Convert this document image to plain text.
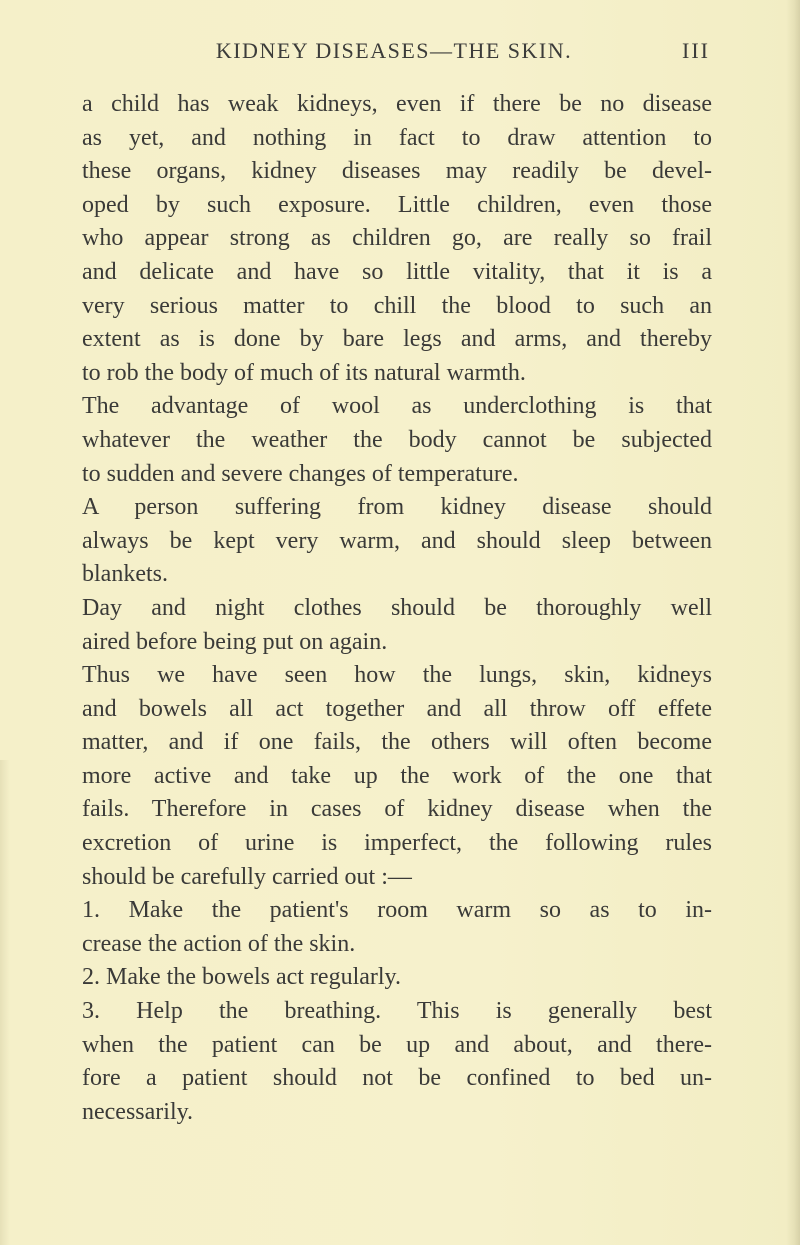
KIDNEY DISEASES—THE SKIN.	III
a child has weak kidneys, even if there be no disease
as yet, and nothing in fact to draw attention to
these organs, kidney diseases may readily be devel-
oped by such exposure. Little children, even those
who appear strong as children go, are really so frail
and delicate and have so little vitality, that it is a
very serious matter to chill the blood to such an
extent as is done by bare legs and arms, and thereby
to rob the body of much of its natural warmth.
The advantage of wool as underclothing is that
whatever the weather the body cannot be subjected
to sudden and severe changes of temperature.
A person suffering from kidney disease should
always be kept very warm, and should sleep between
blankets.
Day and night clothes should be thoroughly well
aired before being put on again.
Thus we have seen how the lungs, skin, kidneys
and bowels all act together and all throw off effete
matter, and if one fails, the others will often become
more active and take up the work of the one that
fails. Therefore in cases of kidney disease when the
excretion of urine is imperfect, the following rules
should be carefully carried out :—
1. Make the patient's room warm so as to in-
crease the action of the skin.
2. Make the bowels act regularly.
3. Help the breathing. This is generally best
when the patient can be up and about, and there-
fore a patient should not be confined to bed un-
necessarily.
